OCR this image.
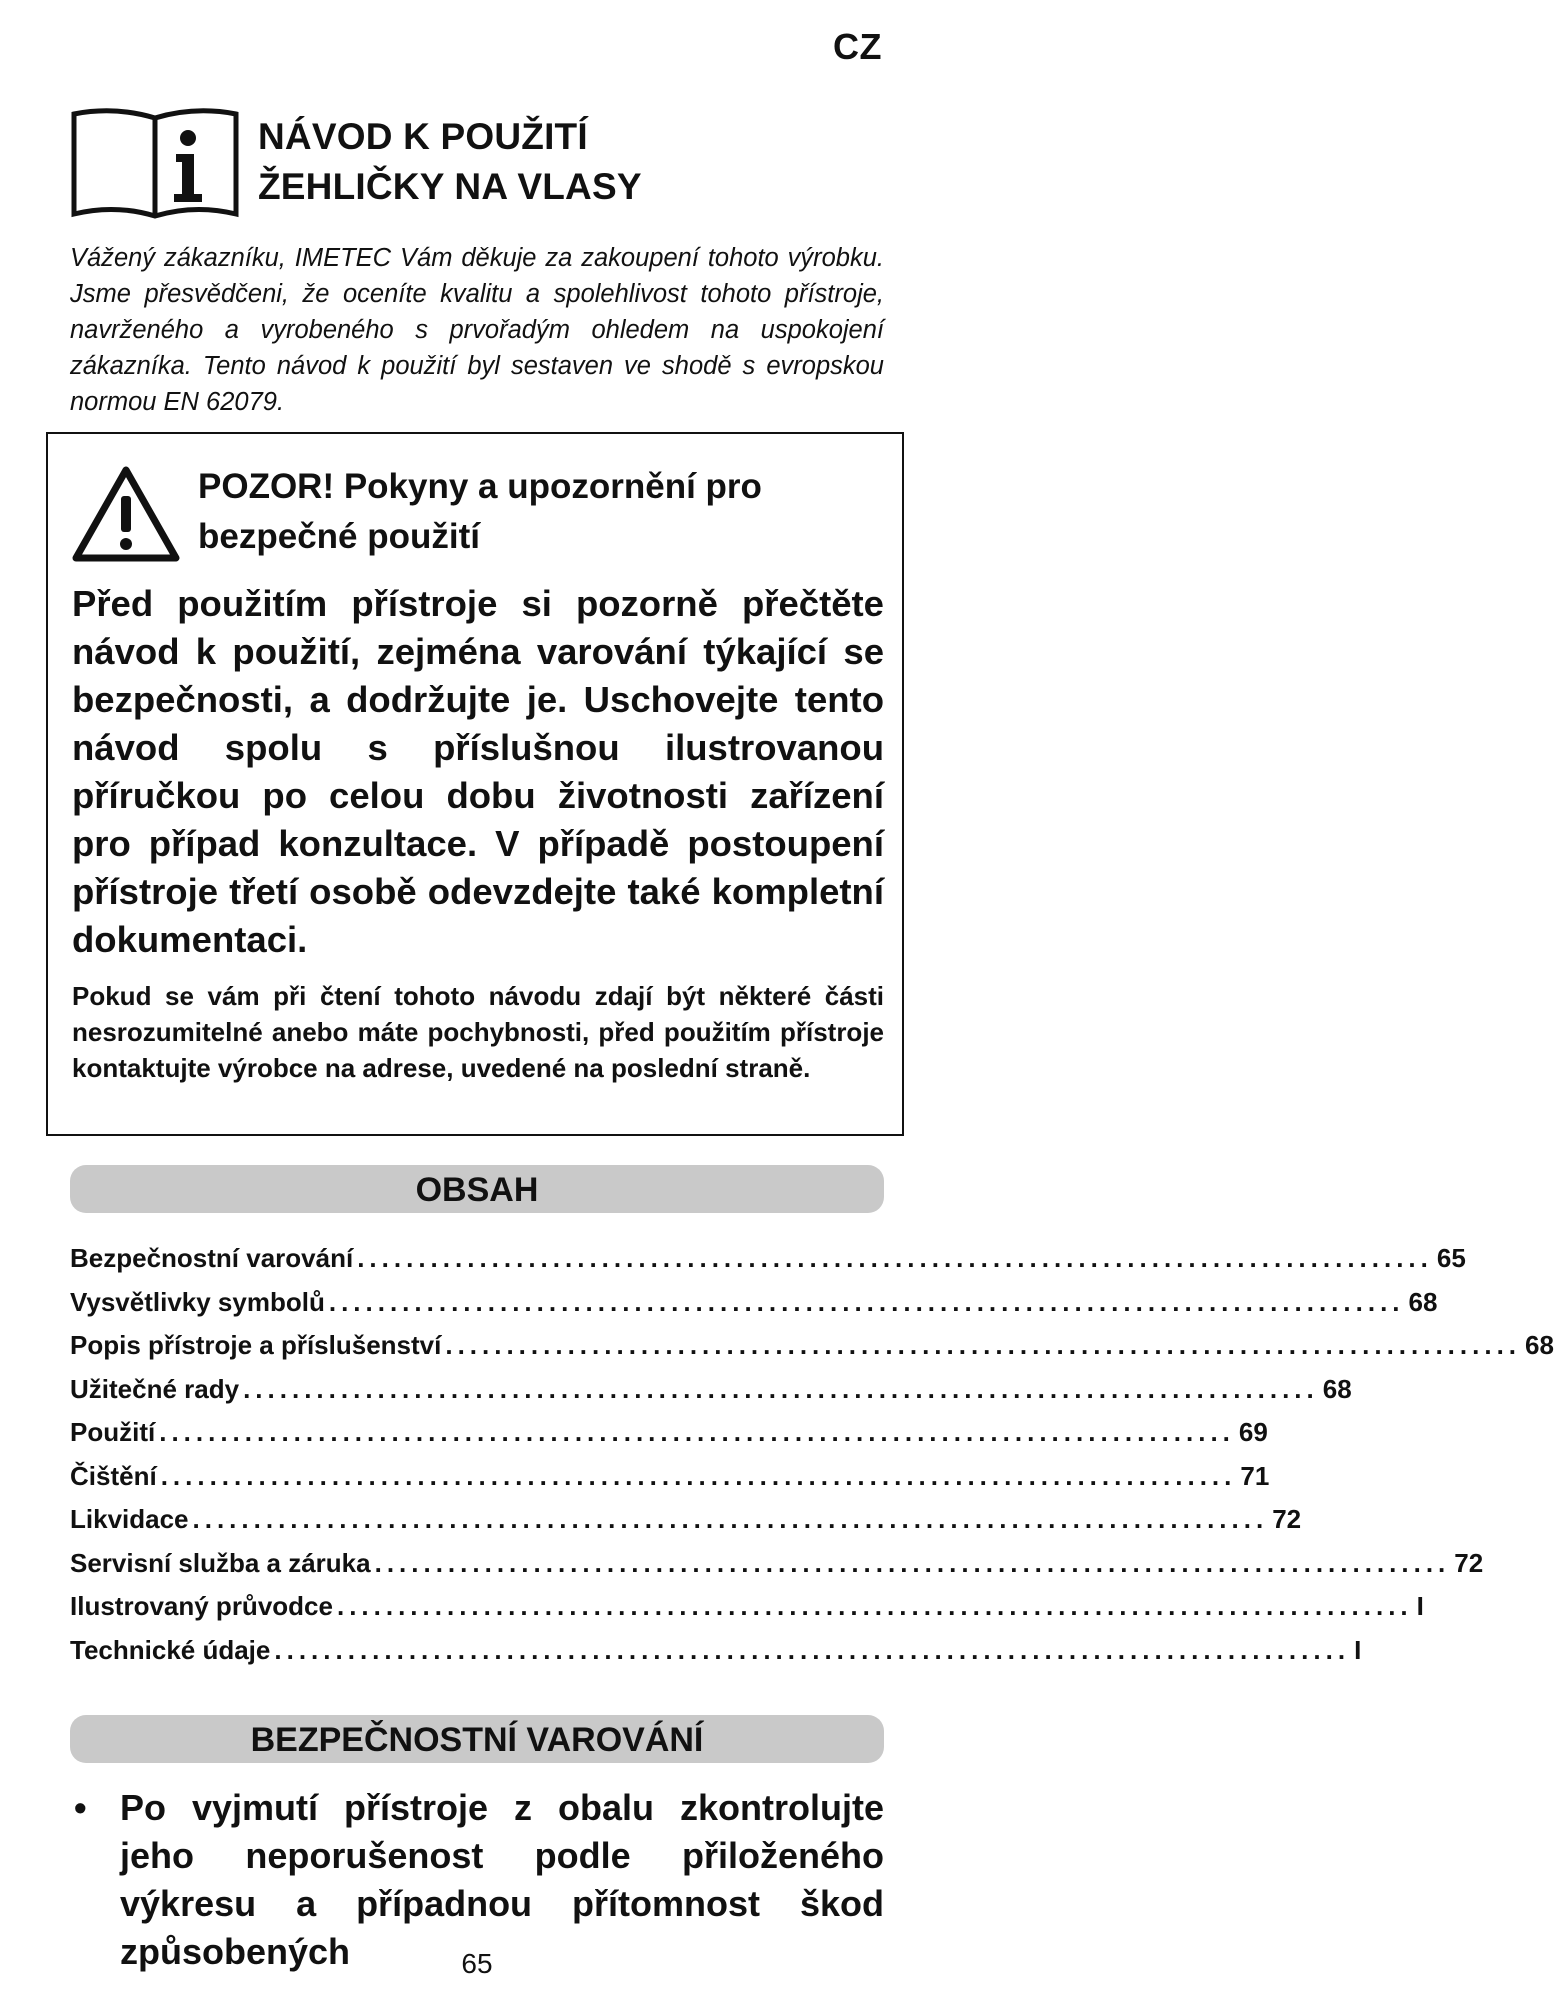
CZ
NÁVOD K POUŽITÍ
ŽEHLIČKY NA VLASY
Vážený zákazníku, IMETEC Vám děkuje za zakoupení tohoto výrobku. Jsme přesvědčeni, že oceníte kvalitu a spolehlivost tohoto přístroje, navrženého a vyrobeného s prvořadým ohledem na uspokojení zákazníka. Tento návod k použití byl sestaven ve shodě s evropskou normou EN 62079.
POZOR! Pokyny a upozornění pro
bezpečné použití
Před použitím přístroje si pozorně přečtěte návod k použití, zejména varování týkající se bezpečnosti, a dodržujte je. Uschovejte tento návod spolu s příslušnou ilustrovanou příručkou po celou dobu životnosti zařízení pro případ konzultace. V případě postoupení přístroje třetí osobě odevzdejte také kompletní dokumentaci.
Pokud se vám při čtení tohoto návodu zdají být některé části nesrozumitelné anebo máte pochybnosti, před použitím přístroje kontaktujte výrobce na adrese, uvedené na poslední straně.
OBSAH
Bezpečnostní varování ........................................................................................ 65
Vysvětlivky symbolů ........................................................................................ 68
Popis přístroje a příslušenství ........................................................................................ 68
Užitečné rady ........................................................................................ 68
Použití ........................................................................................ 69
Čištění ........................................................................................ 71
Likvidace ........................................................................................ 72
Servisní služba a záruka ........................................................................................ 72
Ilustrovaný průvodce ........................................................................................ I
Technické údaje ........................................................................................ I
BEZPEČNOSTNÍ VAROVÁNÍ
• Po vyjmutí přístroje z obalu zkontrolujte jeho neporušenost podle přiloženého výkresu a případnou přítomnost škod způsobených	65
